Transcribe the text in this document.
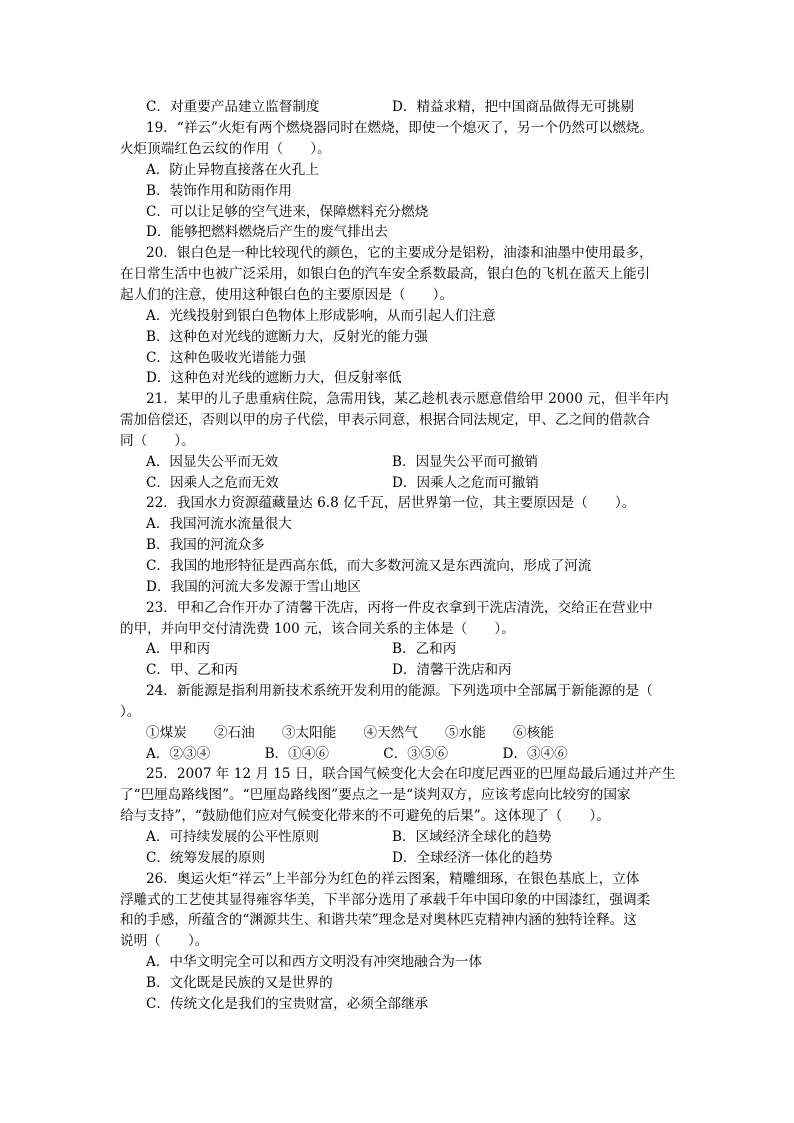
C．对重要产品建立监督制度	D．精益求精，把中国商品做得无可挑剔
19．“祥云”火炬有两个燃烧器同时在燃烧，即使一个熄灭了，另一个仍然可以燃烧。
火炬顶端红色云纹的作用（　　）。
A．防止异物直接落在火孔上
B．装饰作用和防雨作用
C．可以让足够的空气进来，保障燃料充分燃烧
D．能够把燃料燃烧后产生的废气排出去
20．银白色是一种比较现代的颜色，它的主要成分是铝粉，油漆和油墨中使用最多，
在日常生活中也被广泛采用，如银白色的汽车安全系数最高，银白色的飞机在蓝天上能引
起人们的注意，使用这种银白色的主要原因是（　　）。
A．光线投射到银白色物体上形成影响，从而引起人们注意
B．这种色对光线的遮断力大，反射光的能力强
C．这种色吸收光谱能力强
D．这种色对光线的遮断力大，但反射率低
21．某甲的儿子患重病住院，急需用钱，某乙趁机表示愿意借给甲 2000 元，但半年内
需加倍偿还，否则以甲的房子代偿，甲表示同意，根据合同法规定，甲、乙之间的借款合
同（　　）。
A．因显失公平而无效	B．因显失公平而可撤销
C．因乘人之危而无效	D．因乘人之危而可撤销
22．我国水力资源蕴藏量达 6.8 亿千瓦，居世界第一位，其主要原因是（　　）。
A．我国河流水流量很大
B．我国的河流众多
C．我国的地形特征是西高东低，而大多数河流又是东西流向，形成了河流
D．我国的河流大多发源于雪山地区
23．甲和乙合作开办了清馨干洗店，丙将一件皮衣拿到干洗店清洗，交给正在营业中
的甲，并向甲交付清洗费 100 元，该合同关系的主体是（　　）。
A．甲和丙	B．乙和丙
C．甲、乙和丙	D．清馨干洗店和丙
24．新能源是指利用新技术系统开发利用的能源。下列选项中全部属于新能源的是（
）。
①煤炭　　②石油　　③太阳能　　④天然气　　⑤水能　　⑥核能
A．②③④　　　　B．①④⑥　　　　C．③⑤⑥　　　　D．③④⑥
25．2007 年 12 月 15 日，联合国气候变化大会在印度尼西亚的巴厘岛最后通过并产生
了“巴厘岛路线图”。“巴厘岛路线图”要点之一是“谈判双方，应该考虑向比较穷的国家
给与支持”，“鼓励他们应对气候变化带来的不可避免的后果”。这体现了（　　）。
A．可持续发展的公平性原则	B．区域经济全球化的趋势
C．统筹发展的原则	D．全球经济一体化的趋势
26．奥运火炬“祥云”上半部分为红色的祥云图案，精雕细琢，在银色基底上，立体
浮雕式的工艺使其显得雍容华美，下半部分选用了承载千年中国印象的中国漆红，强调柔
和的手感，所蕴含的“渊源共生、和谐共荣”理念是对奥林匹克精神内涵的独特诠释。这
说明（　　）。
A．中华文明完全可以和西方文明没有冲突地融合为一体
B．文化既是民族的又是世界的
C．传统文化是我们的宝贵财富，必须全部继承
